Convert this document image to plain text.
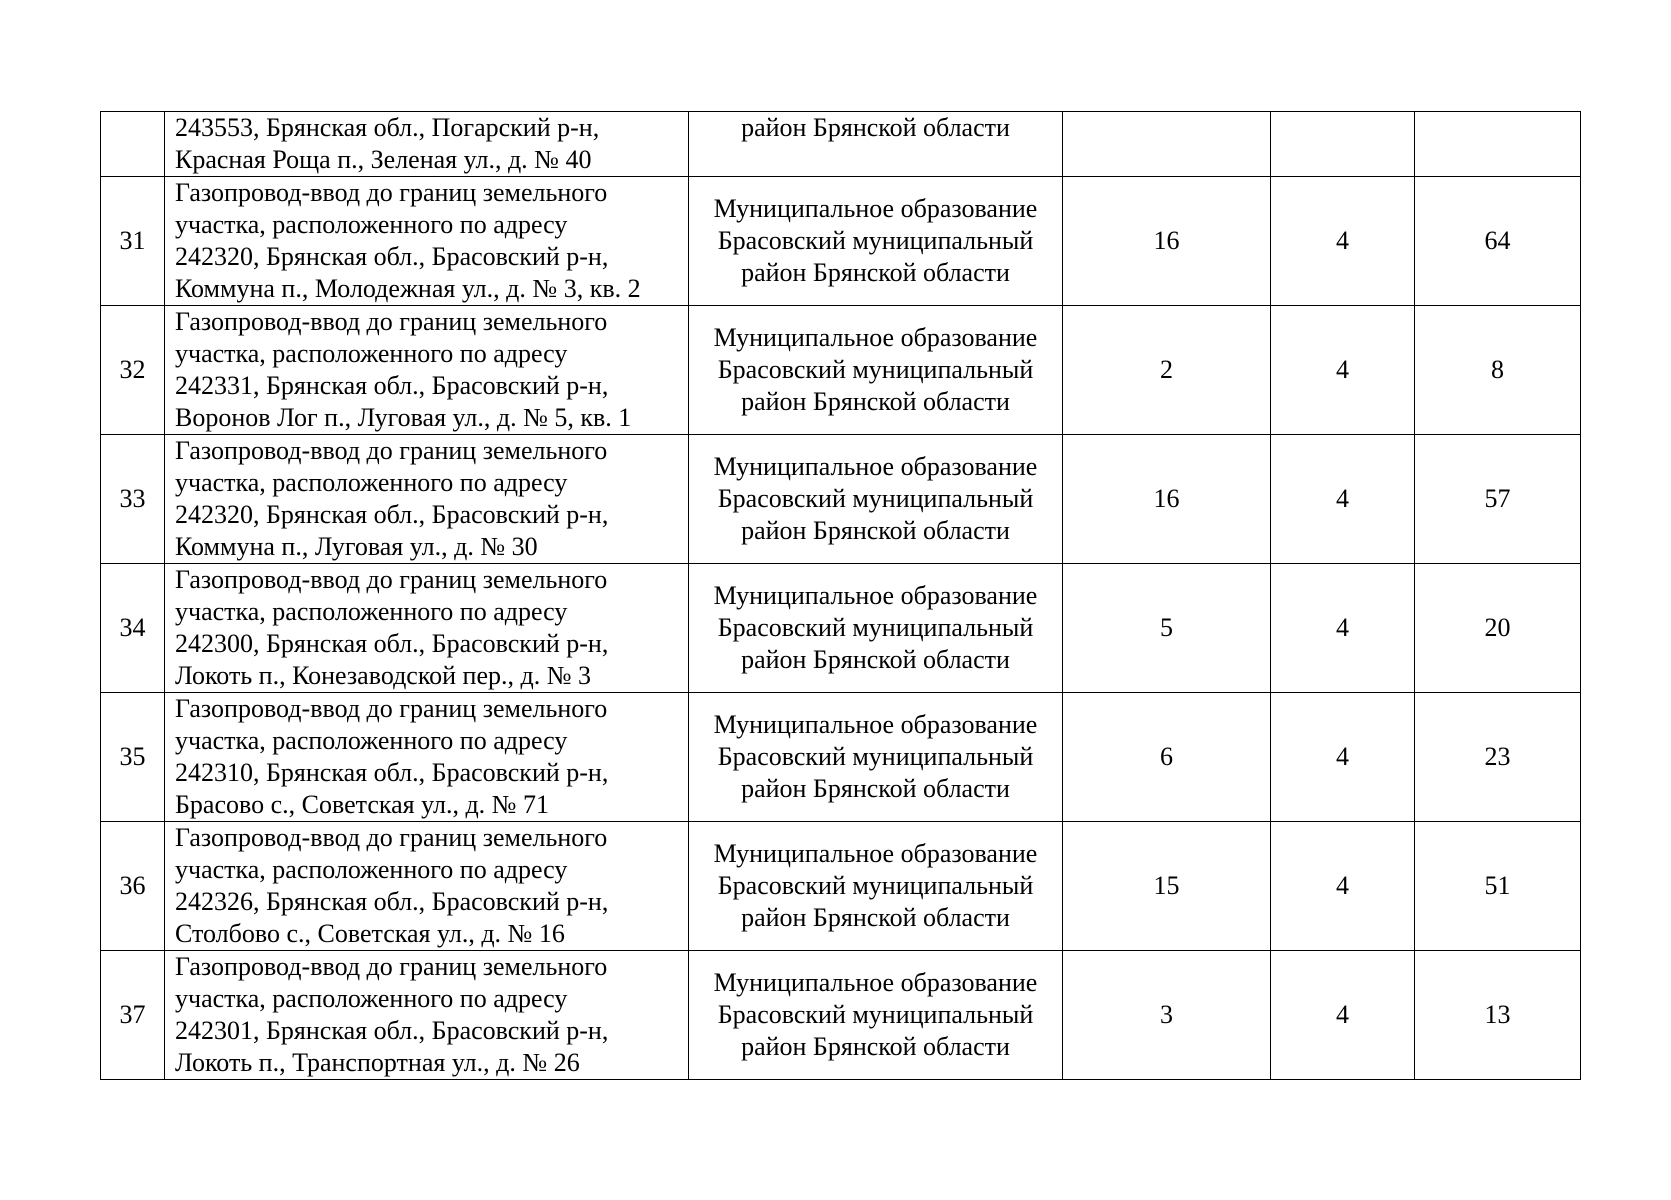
	243553, Брянская обл., Погарский р-н,
Красная Роща п., Зеленая ул., д. № 40	район Брянской области			

31	Газопровод-ввод до границ земельного
участка, расположенного по адресу
242320, Брянская обл., Брасовский р-н,
Коммуна п., Молодежная ул., д. № 3, кв. 2	Муниципальное образование
Брасовский муниципальный
район Брянской области	16	4	64
32	Газопровод-ввод до границ земельного
участка, расположенного по адресу
242331, Брянская обл., Брасовский р-н,
Воронов Лог п., Луговая ул., д. № 5, кв. 1	Муниципальное образование
Брасовский муниципальный
район Брянской области	2	4	8
33	Газопровод-ввод до границ земельного
участка, расположенного по адресу
242320, Брянская обл., Брасовский р-н,
Коммуна п., Луговая ул., д. № 30	Муниципальное образование
Брасовский муниципальный
район Брянской области	16	4	57
34	Газопровод-ввод до границ земельного
участка, расположенного по адресу
242300, Брянская обл., Брасовский р-н,
Локоть п., Конезаводской пер., д. № 3	Муниципальное образование
Брасовский муниципальный
район Брянской области	5	4	20
35	Газопровод-ввод до границ земельного
участка, расположенного по адресу
242310, Брянская обл., Брасовский р-н,
Брасово с., Советская ул., д. № 71	Муниципальное образование
Брасовский муниципальный
район Брянской области	6	4	23
36	Газопровод-ввод до границ земельного
участка, расположенного по адресу
242326, Брянская обл., Брасовский р-н,
Столбово с., Советская ул., д. № 16	Муниципальное образование
Брасовский муниципальный
район Брянской области	15	4	51
37	Газопровод-ввод до границ земельного
участка, расположенного по адресу
242301, Брянская обл., Брасовский р-н,
Локоть п., Транспортная ул., д. № 26	Муниципальное образование
Брасовский муниципальный
район Брянской области	3	4	13
